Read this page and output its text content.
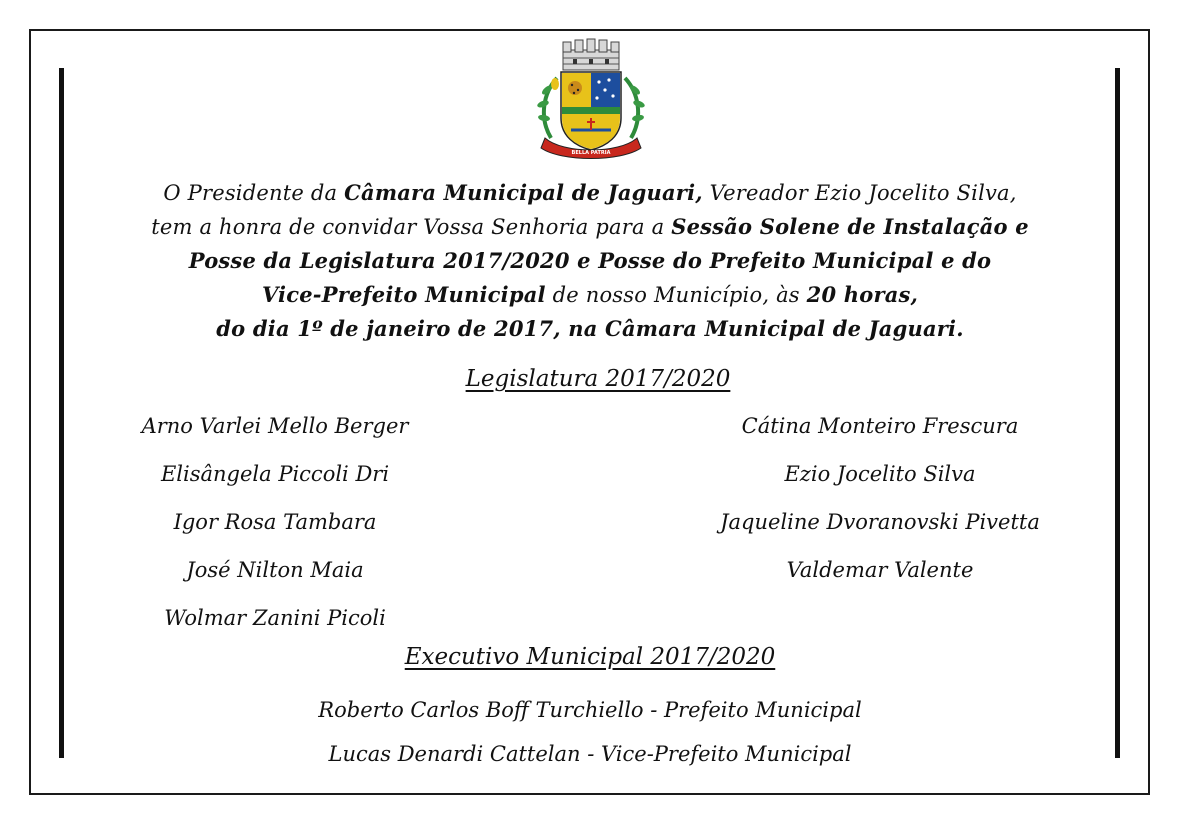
BELLA PATRIA
O Presidente da Câmara Municipal de Jaguari, Vereador Ezio Jocelito Silva,
tem a honra de convidar Vossa Senhoria para a Sessão Solene de Instalação e
Posse da Legislatura 2017/2020 e Posse do Prefeito Municipal e do
Vice-Prefeito Municipal de nosso Município, às 20 horas,
do dia 1º de janeiro de 2017, na Câmara Municipal de Jaguari.
Legislatura 2017/2020
Arno Varlei Mello Berger
Elisângela Piccoli Dri
Igor Rosa Tambara
José Nilton Maia
Wolmar Zanini Picoli
Cátina Monteiro Frescura
Ezio Jocelito Silva
Jaqueline Dvoranovski Pivetta
Valdemar Valente
Executivo Municipal 2017/2020
Roberto Carlos Boff Turchiello - Prefeito Municipal
Lucas Denardi Cattelan - Vice-Prefeito Municipal
